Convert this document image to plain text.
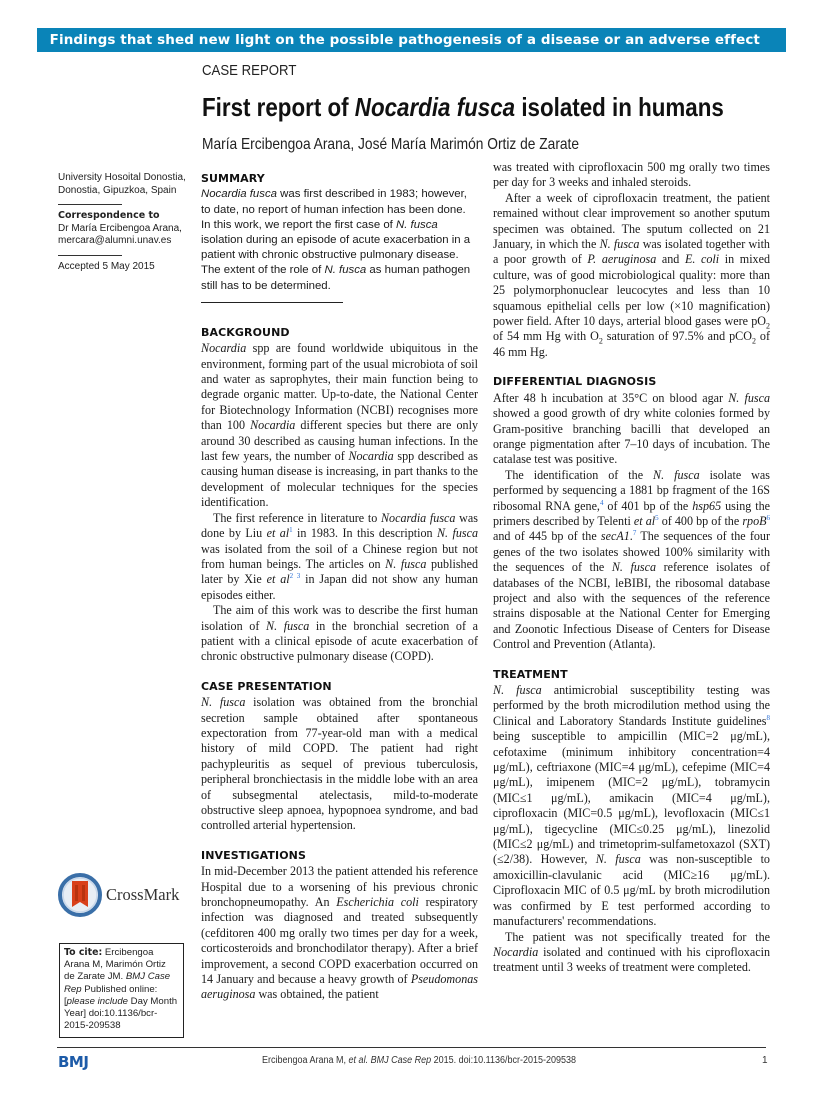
Findings that shed new light on the possible pathogenesis of a disease or an adverse effect
CASE REPORT
First report of Nocardia fusca isolated in humans
María Ercibengoa Arana, José María Marimón Ortiz de Zarate
University Hosoital Donostia,
Donostia, Gipuzkoa, Spain
Correspondence to
Dr María Ercibengoa Arana,
mercara@alumni.unav.es
Accepted 5 May 2015
SUMMARY

Nocardia fusca was first described in 1983; however, to date, no report of human infection has been done. In this work, we report the first case of N. fusca isolation during an episode of acute exacerbation in a patient with chronic obstructive pulmonary disease. The extent of the role of N. fusca as human pathogen still has to be determined.

BACKGROUND

Nocardia spp are found worldwide ubiquitous in the environment, forming part of the usual microbiota of soil and water as saprophytes, their main function being to degrade organic matter. Up-to-date, the National Center for Biotechnology Information (NCBI) recognises more than 100 Nocardia different species but there are only around 30 described as causing human infections. In the last few years, the number of Nocardia spp described as causing human disease is increasing, in part thanks to the development of molecular techniques for the species identification.

The first reference in literature to Nocardia fusca was done by Liu et $al^1$ in 1983. In this description N. fusca was isolated from the soil of a Chinese region but not from human beings. The articles on N. fusca published later by Xie et $al^{2 3}$ in Japan did not show any human episodes either.

The aim of this work was to describe the first human isolation of N. fusca in the bronchial secretion of a patient with a clinical episode of acute exacerbation of chronic obstructive pulmonary disease (COPD).

CASE PRESENTATION

N. fusca isolation was obtained from the bronchial secretion sample obtained after spontaneous expectoration from 77-year-old man with a medical history of mild COPD. The patient had right pachypleuritis as sequel of previous tuberculosis, peripheral bronchiectasis in the middle lobe with an area of subsegmental atelectasis, mild-to-moderate obstructive sleep apnoea, hypopnoea syndrome, and bad controlled arterial hypertension.

INVESTIGATIONS

In mid-December 2013 the patient attended his reference Hospital due to a worsening of his previous chronic bronchopneumopathy. An Escherichia coli respiratory infection was diagnosed and treated subsequently (cefditoren 400 mg orally two times per day for a week, corticosteroids and bronchodilator therapy). After a brief improvement, a second COPD exacerbation occurred on 14 January and because a heavy growth of Pseudomonas aeruginosa was obtained, the patient

was treated with ciprofloxacin 500 mg orally two times per day for 3 weeks and inhaled steroids.

After a week of ciprofloxacin treatment, the patient remained without clear improvement so another sputum specimen was obtained. The sputum collected on 21 January, in which the N. fusca was isolated together with a poor growth of P. aeruginosa and E. coli in mixed culture, was of good microbiological quality: more than 25 polymorphonuclear leucocytes and less than 10 squamous epithelial cells per low (×10 magnification) power field. After 10 days, arterial blood gases were $pO_2$ of 54 mm Hg with $O_2$ saturation of 97.5% and pCO$_2$ of 46 mm Hg.

DIFFERENTIAL DIAGNOSIS

After 48 h incubation at 35°C on blood agar N. fusca showed a good growth of dry white colonies formed by Gram-positive branching bacilli that developed an orange pigmentation after 7–10 days of incubation. The catalase test was positive.

The identification of the N. fusca isolate was performed by sequencing a 1881 bp fragment of the 16S ribosomal RNA gene,$^4$ of 401 bp of the hsp65 using the primers described by Telenti et $al^5$ of 400 bp of the rpoB$^6$ and of 445 bp of the secA1.$^7$ The sequences of the four genes of the two isolates showed 100% similarity with the sequences of the N. fusca reference isolates of databases of the NCBI, leBIBI, the ribosomal database project and also with the sequences of the reference strains disposable at the National Center for Emerging and Zoonotic Infectious Disease of Centers for Disease Control and Prevention (Atlanta).

TREATMENT

N. fusca antimicrobial susceptibility testing was performed by the broth microdilution method using the Clinical and Laboratory Standards Institute guidelines$^8$ being susceptible to ampicillin (MIC=2 μg/mL), cefotaxime (minimum inhibitory concentration=4 μg/mL), ceftriaxone (MIC=4 μg/mL), cefepime (MIC=4 μg/mL), imipenem (MIC=2 μg/mL), tobramycin (MIC≤1 μg/mL), amikacin (MIC=4 μg/mL), ciprofloxacin (MIC=0.5 μg/mL), levofloxacin (MIC≤1 μg/mL), tigecycline (MIC≤0.25 μg/mL), linezolid (MIC≤2 μg/mL) and trimetoprim-sulfametoxazol (SXT) (≤2/38). However, N. fusca was non-susceptible to amoxicillin-clavulanic acid (MIC≥16 μg/mL). Ciprofloxacin MIC of 0.5 μg/mL by broth microdilution was confirmed by E test performed according to manufacturers' recommendations.

The patient was not specifically treated for the Nocardia isolated and continued with his ciprofloxacin treatment until 3 weeks of treatment were completed.

CrossMark
To cite: Ercibengoa Arana M, Marimón Ortiz de Zarate JM. BMJ Case Rep Published online: [please include Day Month Year] doi:10.1136/bcr-2015-209538
BMJ	Ercibengoa Arana M, et al. BMJ Case Rep 2015. doi:10.1136/bcr-2015-209538	1
